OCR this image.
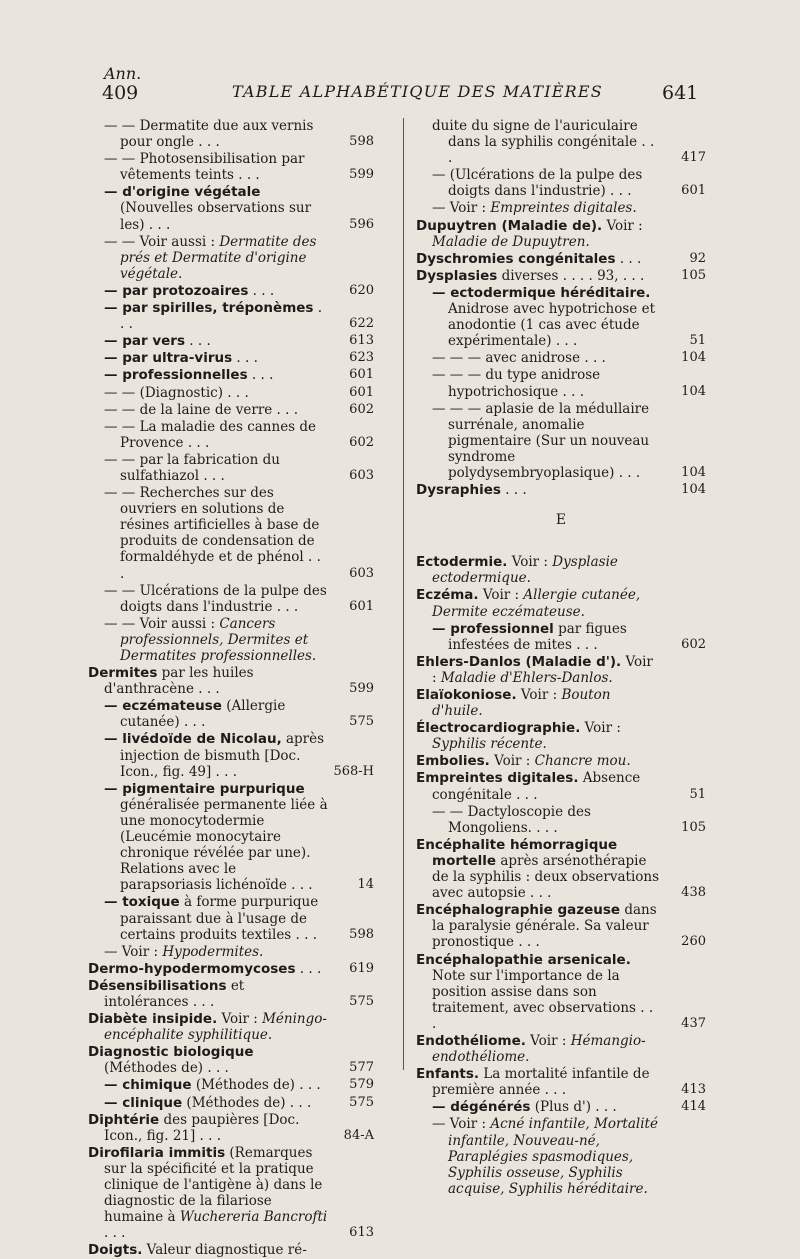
Ann.
409	TABLE ALPHABÉTIQUE DES MATIÈRES	641
— — Dermatite due aux vernis pour ongle . . .	598
— — Photosensibilisation par vêtements teints . . .	599
— d'origine végétale (Nouvelles observations sur les) . . .	596
— — Voir aussi : Dermatite des prés et Dermatite d'origine végétale.
— par protozoaires . . .	620
— par spirilles, tréponèmes . . .	622
— par vers . . .	613
— par ultra-virus . . .	623
— professionnelles . . .	601
— — (Diagnostic) . . .	601
— — de la laine de verre . . .	602
— — La maladie des cannes de Provence . . .	602
— — par la fabrication du sulfathiazol . . .	603
— — Recherches sur des ouvriers en solutions de résines artificielles à base de produits de condensation de formaldéhyde et de phénol . . .	603
— — Ulcérations de la pulpe des doigts dans l'industrie . . .	601
— — Voir aussi : Cancers professionnels, Dermites et Dermatites professionnelles.
Dermites par les huiles d'anthracène . . .	599
— eczémateuse (Allergie cutanée) . . .	575
— livédoïde de Nicolau, après injection de bismuth [Doc. Icon., fig. 49] . . .	568-H
— pigmentaire purpurique généralisée permanente liée à une monocytodermie (Leucémie monocytaire chronique révélée par une). Relations avec le parapsoriasis lichénoïde . . .	14
— toxique à forme purpurique paraissant due à l'usage de certains produits textiles . . . 598
— Voir : Hypodermites.
Dermo-hypodermomycoses . . . 619
Désensibilisations et intolérances . . .	575
Diabète insipide. Voir : Méningo-encéphalite syphilitique.
Diagnostic biologique (Méthodes de) . . .	577
— chimique (Méthodes de) . . . 579
— clinique (Méthodes de) . . .	575
Diphtérie des paupières [Doc. Icon., fig. 21] . . .	84-A
Dirofilaria immitis (Remarques sur la spécificité et la pratique clinique de l'antigène à) dans le diagnostic de la filariose humaine à Wuchereria Bancrofti . . .	613
Doigts. Valeur diagnostique ré-
duite du signe de l'auriculaire dans la syphilis congénitale . . .	417
— (Ulcérations de la pulpe des doigts dans l'industrie) . . .	601
— Voir : Empreintes digitales.
Dupuytren (Maladie de). Voir : Maladie de Dupuytren.
Dyschromies congénitales . . .	92
Dysplasies diverses . . . . 93, . . .	105
— ectodermique héréditaire. Anidrose avec hypotrichose et anodontie (1 cas avec étude expérimentale) . . .	51
— — — avec anidrose . . .	104
— — — du type anidrose hypotrichosique . . .	104
— — — aplasie de la médullaire surrénale, anomalie pigmentaire (Sur un nouveau syndrome polydysembryoplasique) . . .	104
Dysraphies . . .	104
E
Ectodermie. Voir : Dysplasie ectodermique.
Eczéma. Voir : Allergie cutanée, Dermite eczémateuse.
— professionnel par figues infestées de mites . . .	602
Ehlers-Danlos (Maladie d'). Voir : Maladie d'Ehlers-Danlos.
Elaïokoniose. Voir : Bouton d'huile.
Électrocardiographie. Voir : Syphilis récente.
Embolies. Voir : Chancre mou.
Empreintes digitales. Absence congénitale . . .	51
— — Dactyloscopie des Mongoliens. . . .	105
Encéphalite hémorragique mortelle après arsénothérapie de la syphilis : deux observations avec autopsie . . .	438
Encéphalographie gazeuse dans la paralysie générale. Sa valeur pronostique . . .	260
Encéphalopathie arsenicale. Note sur l'importance de la position assise dans son traitement, avec observations . . .	437
Endothéliome. Voir : Hémangio-endothéliome.
Enfants. La mortalité infantile de première année . . .	413
— dégénérés (Plus d') . . .	414
— Voir : Acné infantile, Mortalité infantile, Nouveau-né, Paraplégies spasmodiques, Syphilis osseuse, Syphilis acquise, Syphilis héréditaire.
